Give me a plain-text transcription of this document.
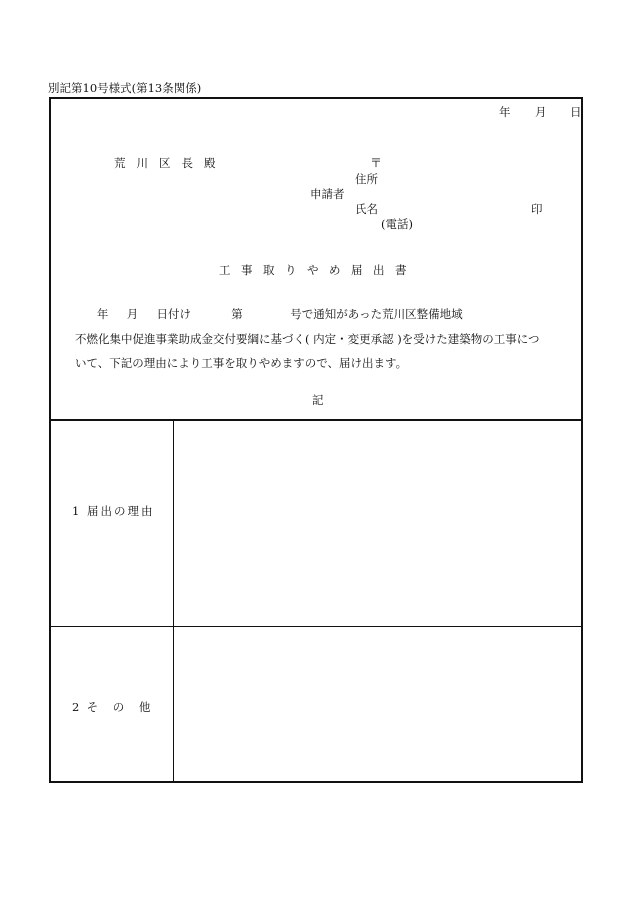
別記第10号様式(第13条関係)
年 月 日
荒川区長殿	〒
住所
申請者
氏名	印
(電話)
工事取りやめ届出書
年     月     日付け           第             号で通知があった荒川区整備地域
不燃化集中促進事業助成金交付要綱に基づく( 内定・変更承認 )を受けた建築物の工事につ
いて、下記の理由により工事を取りやめますので、届け出ます。
記
1 届出の理由
2  そ    の    他
